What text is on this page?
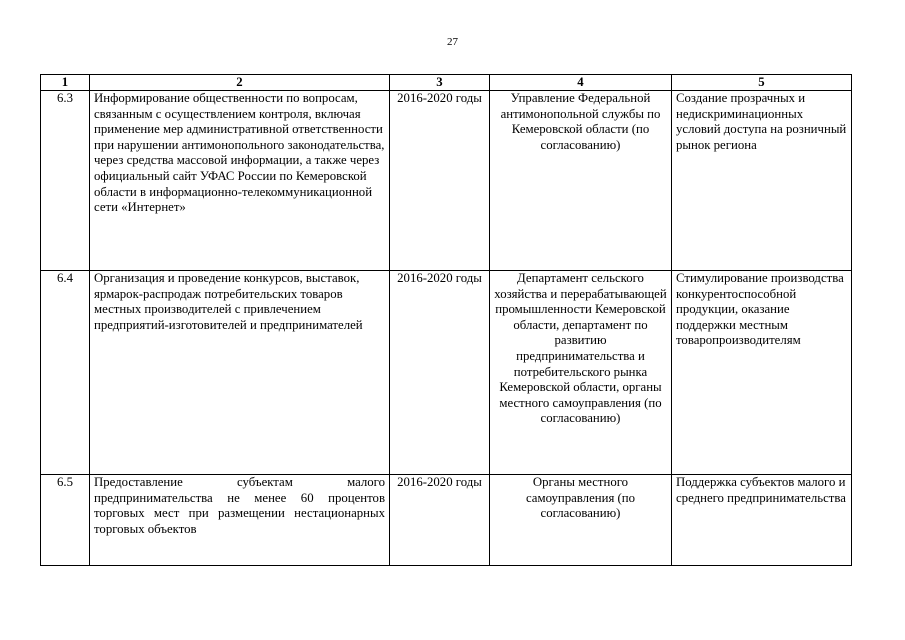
27
1	2	3	4	5
6.3	Информирование общественности по вопросам, связанным с осуществлением контроля, включая применение мер административной ответственности при нарушении антимонопольного законодательства, через средства массовой информации, а также через официальный сайт УФАС России по Кемеровской области в информационно-телекоммуникационной сети «Интернет»	2016-2020 годы	Управление Федеральной антимонопольной службы по Кемеровской области (по согласованию)	Создание прозрачных и недискриминационных условий доступа на розничный рынок региона
6.4	Организация и проведение конкурсов, выставок, ярмарок-распродаж потребительских товаров местных производителей с привлечением предприятий-изготовителей и предпринимателей	2016-2020 годы	Департамент сельского хозяйства и перерабатывающей промышленности Кемеровской области, департамент по развитию предпринимательства и потребительского рынка Кемеровской области, органы местного самоуправления (по согласованию)	Стимулирование производства конкурентоспособной продукции, оказание поддержки местным товаропроизводителям
6.5	Предоставление субъектам малого предпринимательства не менее 60 процентов торговых мест при размещении нестационарных торговых объектов	2016-2020 годы	Органы местного самоуправления (по согласованию)	Поддержка субъектов малого и среднего предпринимательства
